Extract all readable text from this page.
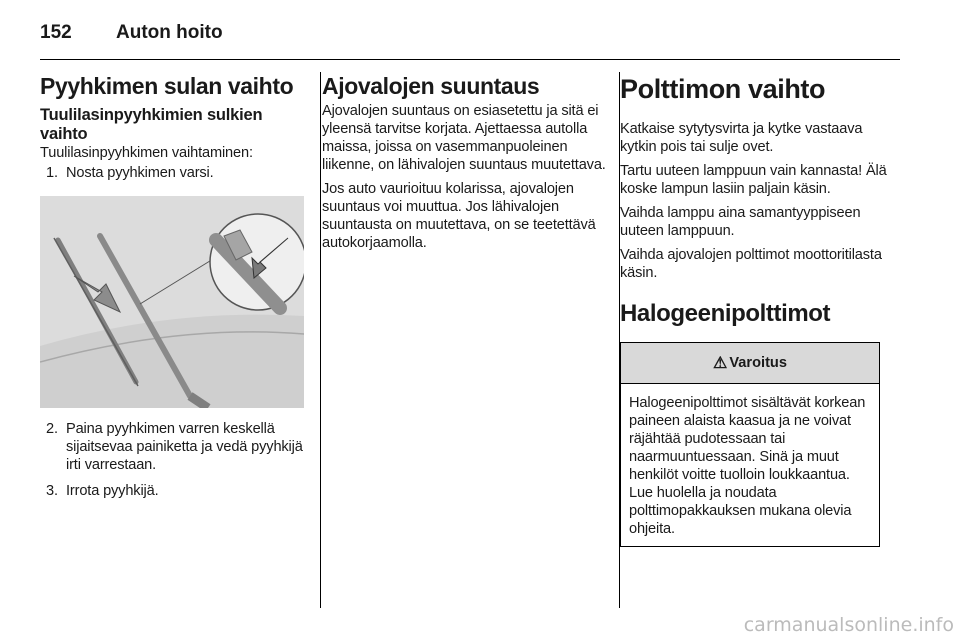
152 Auton hoito
Pyyhkimen sulan vaihto
Tuulilasinpyyhkimien sulkien vaihto

Tuulilasinpyyhkimen vaihtaminen:

1. Nosta pyyhkimen varsi.
2. Paina pyyhkimen varren keskellä sijaitsevaa painiketta ja vedä pyyhkijä irti varrestaan.
3. Irrota pyyhkijä.
Ajovalojen suuntaus

Ajovalojen suuntaus on esiasetettu ja sitä ei yleensä tarvitse korjata. Ajettaessa autolla maissa, joissa on vasemmanpuoleinen liikenne, on lähivalojen suuntaus muutettava.

Jos auto vaurioituu kolarissa, ajovalojen suuntaus voi muuttua. Jos lähivalojen suuntausta on muutettava, on se teetettävä autokorjaamolla.

Polttimon vaihto

Katkaise sytytysvirta ja kytke vastaava kytkin pois tai sulje ovet.

Tartu uuteen lamppuun vain kannasta! Älä koske lampun lasiin paljain käsin.

Vaihda lamppu aina samantyyppiseen uuteen lamppuun.

Vaihda ajovalojen polttimot moottoritilasta käsin.

Halogeenipolttimot
⚠ Varoitus
Halogeenipolttimot sisältävät korkean paineen alaista kaasua ja ne voivat räjähtää pudotessaan tai naarmuuntuessaan. Sinä ja muut henkilöt voitte tuolloin loukkaantua. Lue huolella ja noudata polttimopakkauksen mukana olevia ohjeita.
carmanualsonline.info
